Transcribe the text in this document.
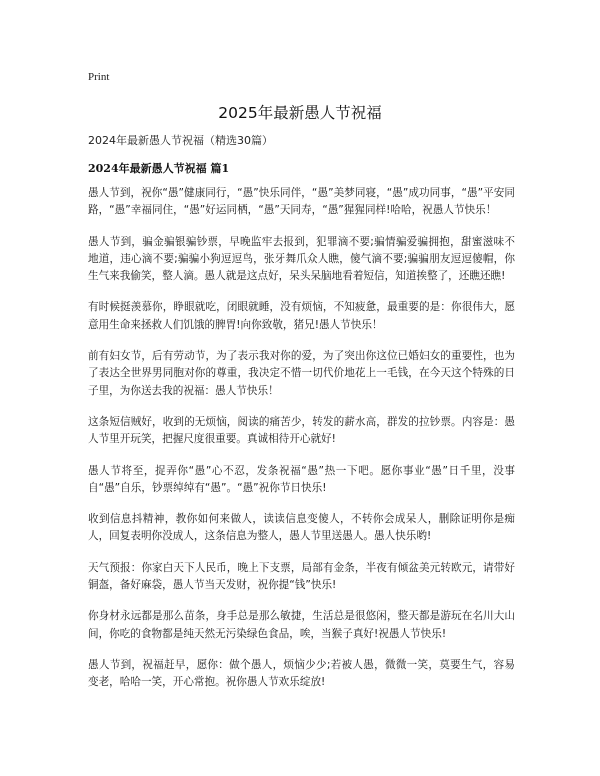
Print
2025年最新愚人节祝福
2024年最新愚人节祝福（精选30篇）
2024年最新愚人节祝福 篇1

愚人节到，祝你“愚”健康同行，“愚”快乐同伴，“愚”美梦同寝，“愚”成功同事，“愚”平安同路，“愚”幸福同住，“愚”好运同栖，“愚”天同寿，“愚”猩猩同样!哈哈，祝愚人节快乐！

愚人节到，骗金骗银骗钞票，早晚监牢去报到，犯罪滴不要;骗情骗爱骗拥抱，甜蜜滋味不地道，违心滴不要;骗骗小狗逗逗鸟，张牙舞爪众人瞧，傻气滴不要;骗骗朋友逗逗傻帽，你生气来我偷笑，整人滴。愚人就是这点好，呆头呆脑地看着短信，知道挨整了，还瞧还瞧!

有时候挺羡慕你，睁眼就吃，闭眼就睡，没有烦恼，不知疲惫，最重要的是：你很伟大，愿意用生命来拯救人们饥饿的脾胃!向你致敬，猪兄!愚人节快乐！

前有妇女节，后有劳动节，为了表示我对你的爱，为了突出你这位已婚妇女的重要性，也为了表达全世界男同胞对你的尊重，我决定不惜一切代价地花上一毛钱，在今天这个特殊的日子里，为你送去我的祝福：愚人节快乐！

这条短信贼好，收到的无烦恼，阅读的痛苦少，转发的薪水高，群发的拉钞票。内容是：愚人节里开玩笑，把握尺度很重要。真诚相待开心就好!

愚人节将至，捉弄你“愚”心不忍，发条祝福“愚”热一下吧。愿你事业“愚”日千里，没事自“愚”自乐，钞票绰绰有“愚”。“愚”祝你节日快乐!

收到信息抖精神，教你如何来做人，读读信息变傻人，不转你会成呆人，删除证明你是痴人，回复表明你没成人，这条信息为整人，愚人节里送愚人。愚人快乐哟!

天气预报：你家白天下人民币，晚上下支票，局部有金条，半夜有倾盆美元转欧元，请带好铜盔，备好麻袋，愚人节当天发财，祝你提“钱”快乐!

你身材永远都是那么苗条，身手总是那么敏捷，生活总是很悠闲，整天都是游玩在名川大山间，你吃的食物都是纯天然无污染绿色食品，唉，当猴子真好!祝愚人节快乐!

愚人节到，祝福赶早，愿你：做个愚人，烦恼少少;若被人愚，微微一笑，莫要生气，容易变老，哈哈一笑，开心常抱。祝你愚人节欢乐绽放!
